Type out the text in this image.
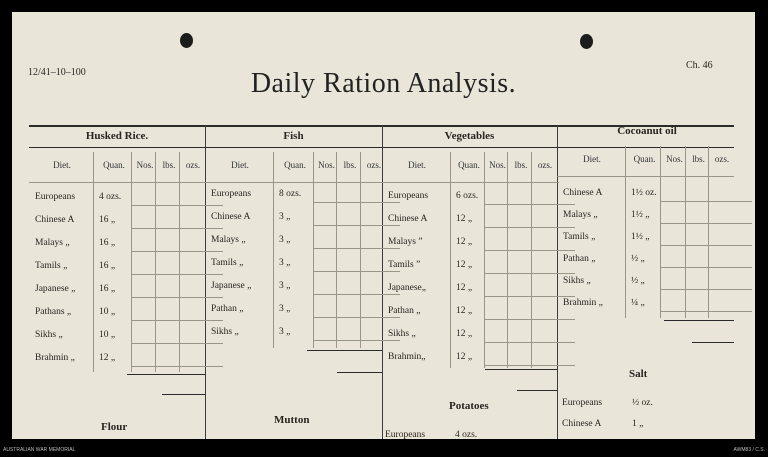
12/41–10–100
Ch. 46
Daily Ration Analysis.
Husked Rice.	Fish	Vegetables	Cocoanut oil
Flour
Mutton
Potatoes
Europeans	4 ozs.
Salt
Europeans	½ oz.
Chinese A	1 „
Diet.	Quan.	Nos.	lbs.	ozs.
Europeans	4 ozs.
Chinese A	16 „
Malays „	16 „
Tamils „	16 „
Japanese „ 16 „
Pathans „	10 „
Sikhs „	10 „
Brahmin „	12 „
Diet.	Quan.	Nos. lbs.	ozs.
Europeans	8 ozs.
Chinese A	3 „
Malays „	3 „
Tamils „	3 „
Japanese „	3 „
Pathan „	3 „
Sikhs „	3 „
Diet.	Quan.	Nos. lbs.	ozs.
Europeans	6 ozs.
Chinese A	12 „
Malays ”	12 „
Tamils ”	12 „
Japanese„	12 „
Pathan „	12 „
Sikhs „	12 „
Brahmin„	12 „
Diet.	Quan.	Nos.	lbs.	ozs.
Chinese A	1½ oz.
Malays „	1½ „
Tamils „	1½ „
Pathan „	½ „
Sikhs „	½ „
Brahmin „	¼ „
AUSTRALIAN WAR MEMORIAL	AWM83 / C.S.
